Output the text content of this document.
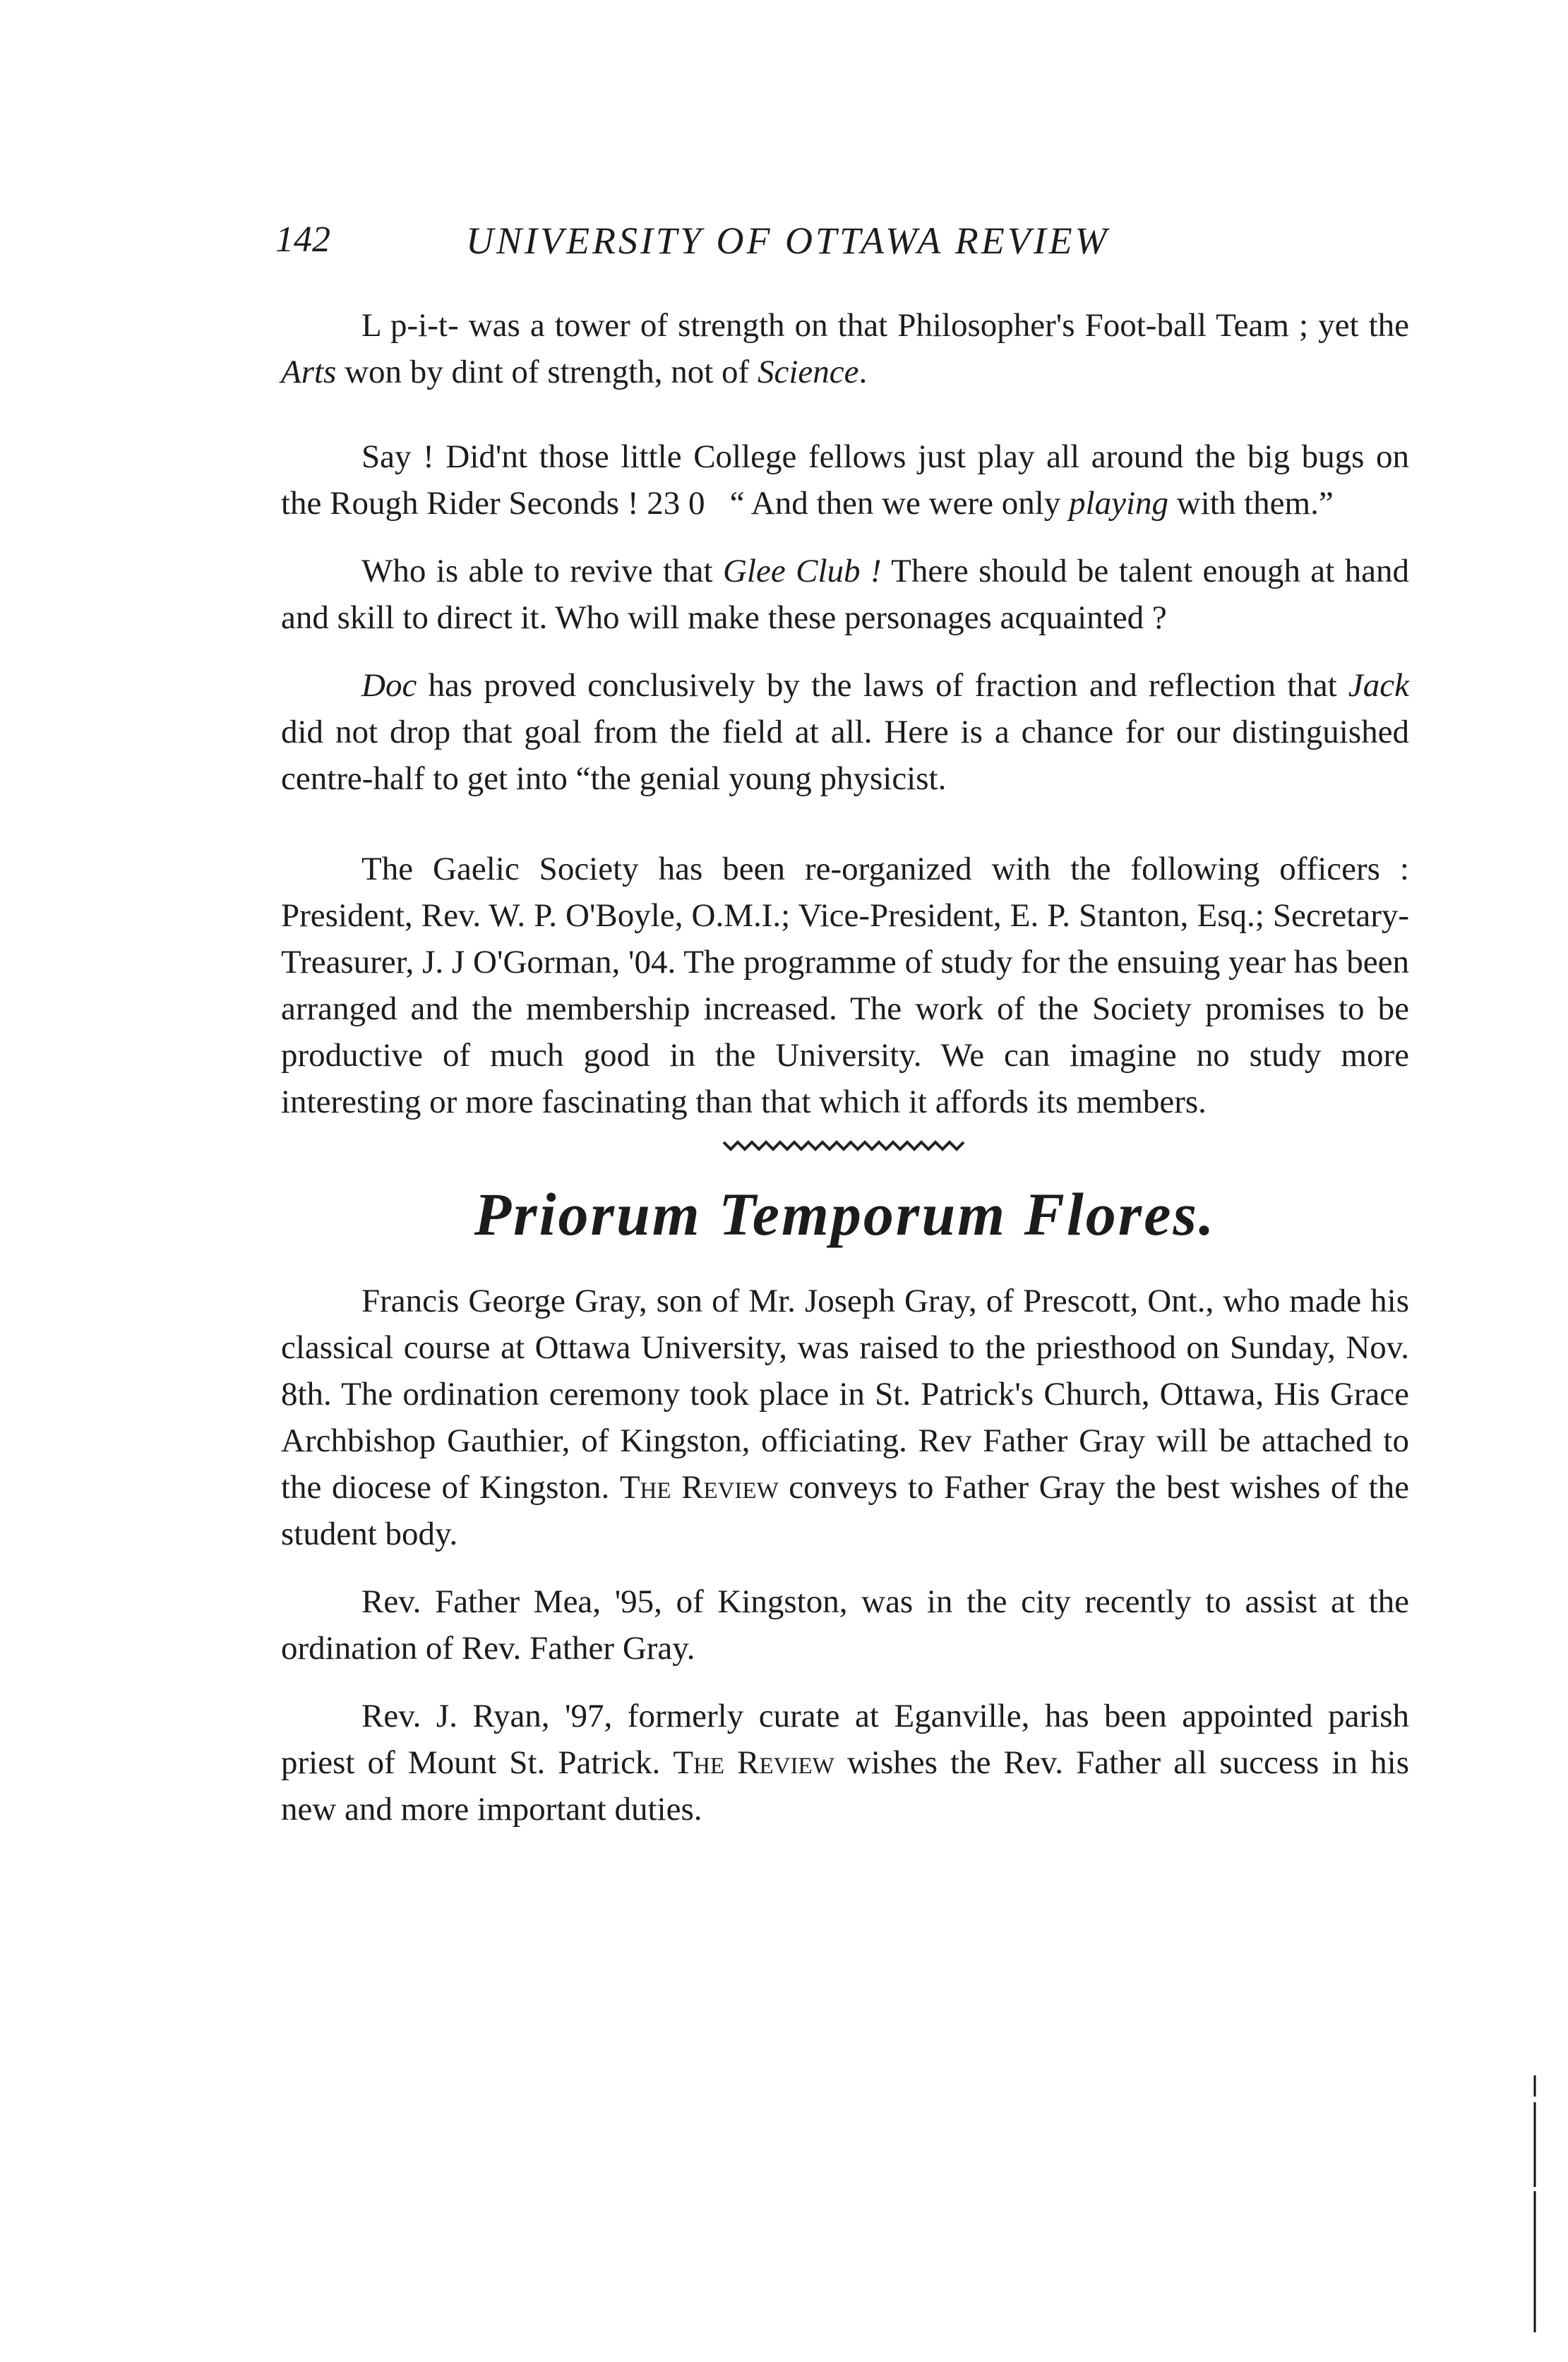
142	UNIVERSITY OF OTTAWA REVIEW

L p-i-t- was a tower of strength on that Philosopher's Foot-ball Team ; yet the Arts won by dint of strength, not of Science.

Say ! Did'nt those little College fellows just play all around the big bugs on the Rough Rider Seconds ! 23 0   “ And then we were only playing with them.”

Who is able to revive that Glee Club ! There should be talent enough at hand and skill to direct it. Who will make these personages acquainted ?

Doc has proved conclusively by the laws of fraction and reflection that Jack did not drop that goal from the field at all. Here is a chance for our distinguished centre-half to get into “the genial young physicist.

The Gaelic Society has been re-organized with the following officers : President, Rev. W. P. O'Boyle, O.M.I.; Vice-President, E. P. Stanton, Esq.; Secretary-Treasurer, J. J O'Gorman, '04. The programme of study for the ensuing year has been arranged and the membership increased. The work of the Society promises to be productive of much good in the University. We can imagine no study more interesting or more fascinating than that which it affords its members.

Priorum Temporum Flores.

Francis George Gray, son of Mr. Joseph Gray, of Prescott, Ont., who made his classical course at Ottawa University, was raised to the priesthood on Sunday, Nov. 8th. The ordination ceremony took place in St. Patrick's Church, Ottawa, His Grace Archbishop Gauthier, of Kingston, officiating. Rev Father Gray will be attached to the diocese of Kingston. The Review conveys to Father Gray the best wishes of the student body.

Rev. Father Mea, '95, of Kingston, was in the city recently to assist at the ordination of Rev. Father Gray.

Rev. J. Ryan, '97, formerly curate at Eganville, has been appointed parish priest of Mount St. Patrick. The Review wishes the Rev. Father all success in his new and more important duties.
